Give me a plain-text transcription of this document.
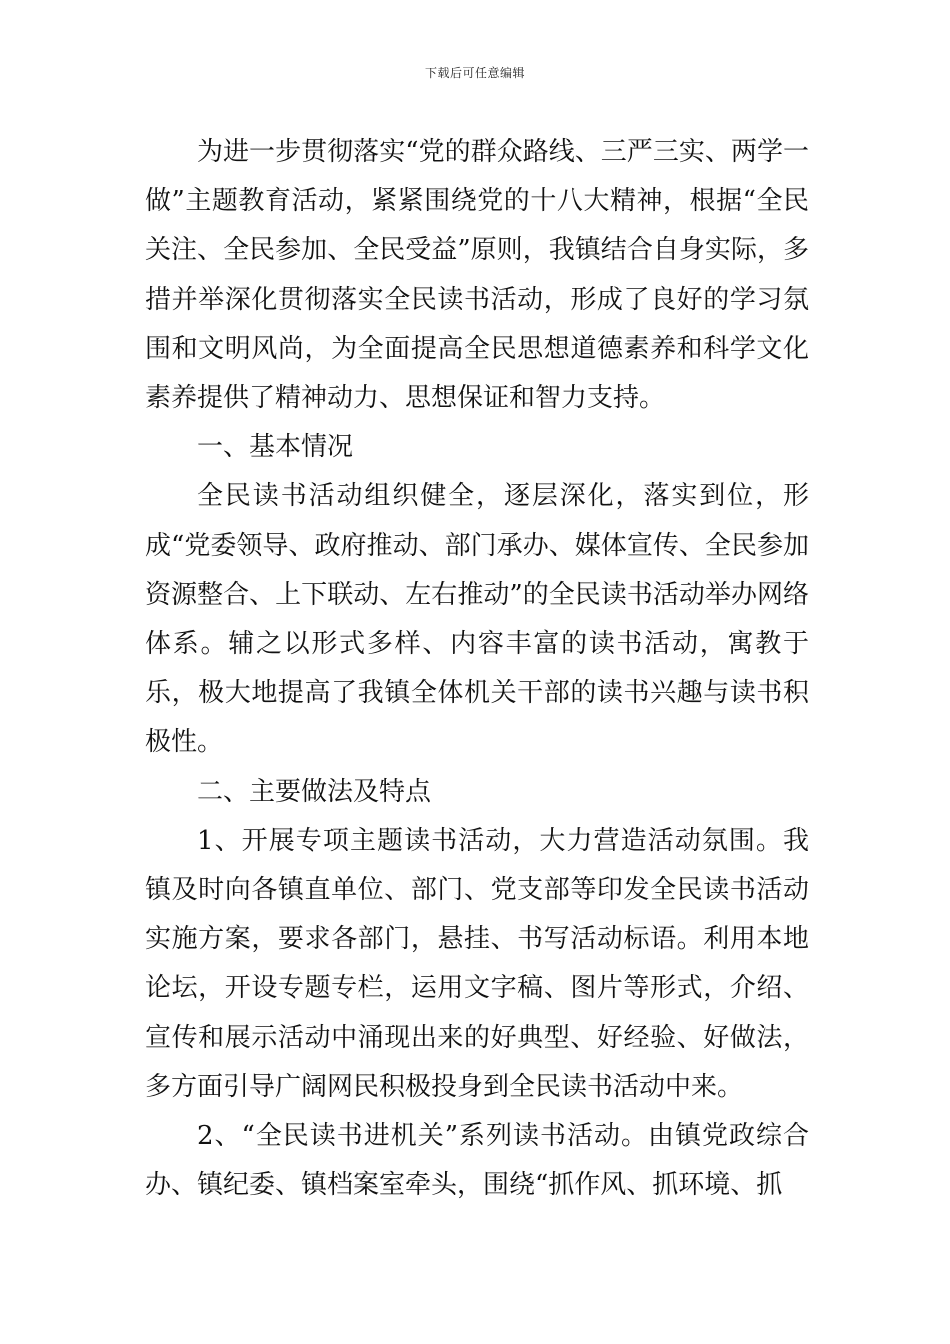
下载后可任意编辑

为进一步贯彻落实“党的群众路线、三严三实、两学一做”主题教育活动，紧紧围绕党的十八大精神，根据“全民关注、全民参加、全民受益”原则，我镇结合自身实际，多措并举深化贯彻落实全民读书活动，形成了良好的学习氛围和文明风尚，为全面提高全民思想道德素养和科学文化素养提供了精神动力、思想保证和智力支持。

一、基本情况

全民读书活动组织健全，逐层深化，落实到位，形成“党委领导、政府推动、部门承办、媒体宣传、全民参加资源整合、上下联动、左右推动”的全民读书活动举办网络体系。辅之以形式多样、内容丰富的读书活动，寓教于乐，极大地提高了我镇全体机关干部的读书兴趣与读书积极性。

二、主要做法及特点

1、开展专项主题读书活动，大力营造活动氛围。我镇及时向各镇直单位、部门、党支部等印发全民读书活动实施方案，要求各部门，悬挂、书写活动标语。利用本地论坛，开设专题专栏，运用文字稿、图片等形式，介绍、宣传和展示活动中涌现出来的好典型、好经验、好做法，多方面引导广阔网民积极投身到全民读书活动中来。

2、“全民读书进机关”系列读书活动。由镇党政综合办、镇纪委、镇档案室牵头，围绕“抓作风、抓环境、抓
